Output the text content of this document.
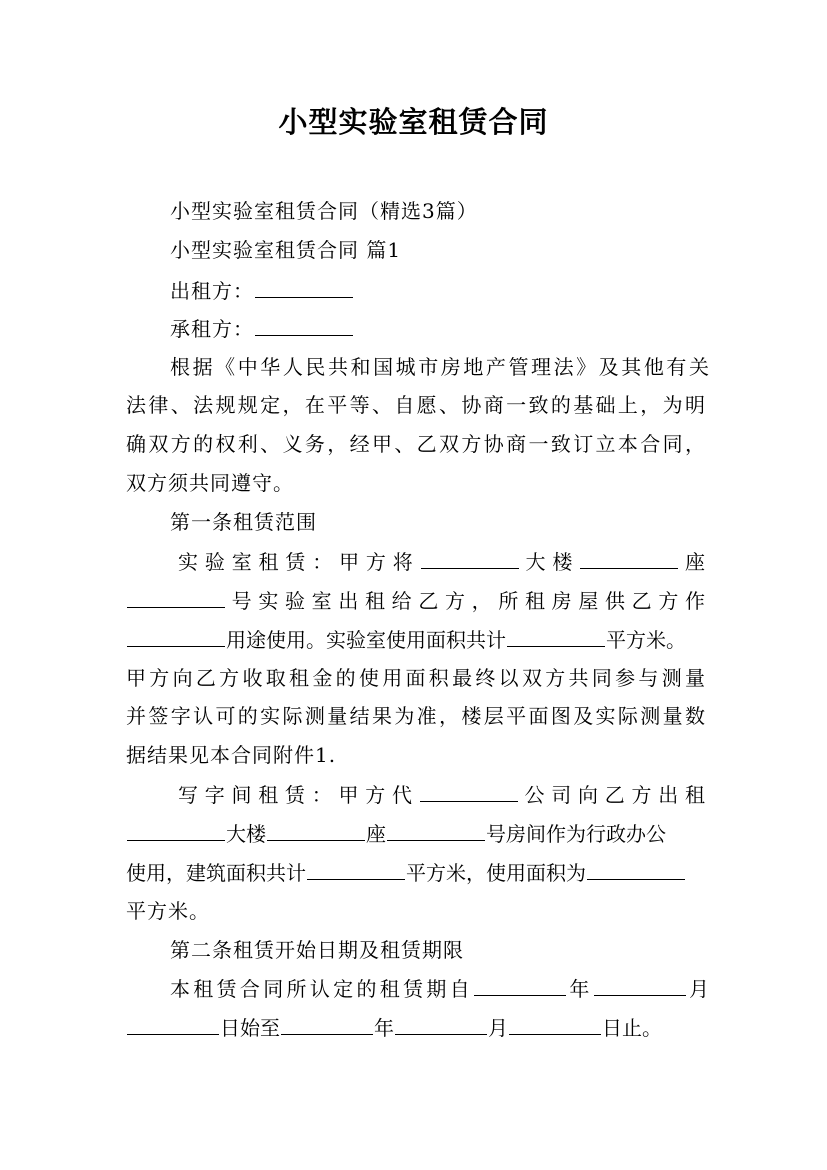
小型实验室租赁合同
小型实验室租赁合同（精选3篇）
小型实验室租赁合同 篇1
出租方：
承租方：
根据《中华人民共和国城市房地产管理法》及其他有关
法律、法规规定，在平等、自愿、协商一致的基础上，为明
确双方的权利、义务，经甲、乙双方协商一致订立本合同，
双方须共同遵守。
第一条租赁范围
实验室租赁：甲方将	大楼	座
号实验室出租给乙方，所租房屋供乙方作
用途使用。实验室使用面积共计	平方米。
甲方向乙方收取租金的使用面积最终以双方共同参与测量
并签字认可的实际测量结果为准，楼层平面图及实际测量数
据结果见本合同附件1.
写字间租赁：甲方代	公司向乙方出租
大楼	座	号房间作为行政办公
使用，建筑面积共计	平方米，使用面积为
平方米。
第二条租赁开始日期及租赁期限
本租赁合同所认定的租赁期自	年	月
日始至	年	月	日止。
